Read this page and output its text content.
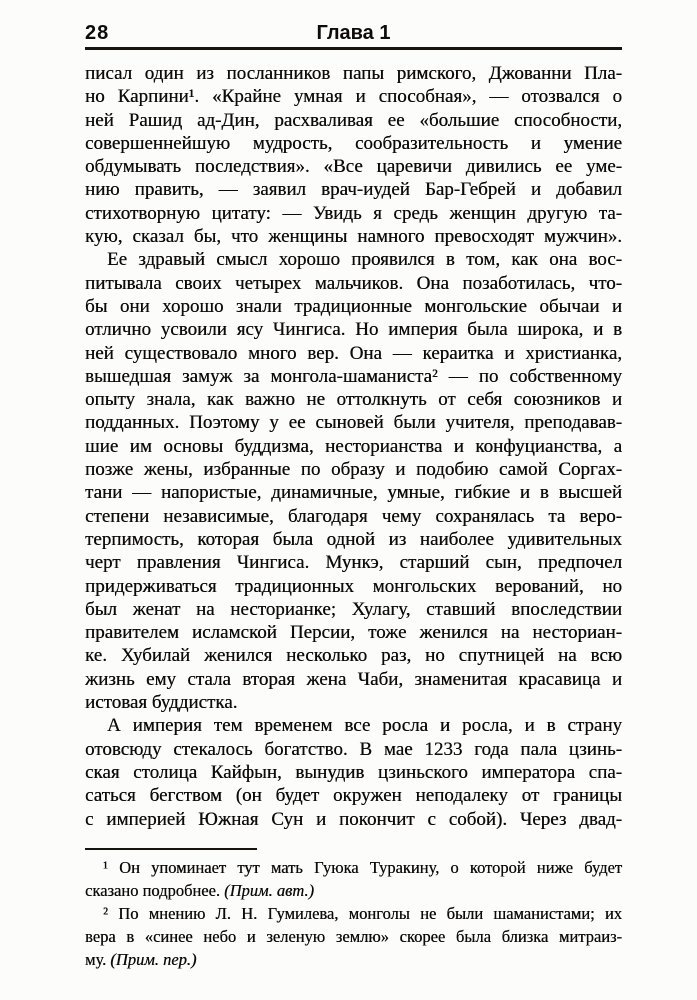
28	Глава 1
писал один из посланников папы римского, Джованни Пла-
но Карпини¹. «Крайне умная и способная», — отозвался о
ней Рашид ад-Дин, расхваливая ее «большие способности,
совершеннейшую мудрость, сообразительность и умение
обдумывать последствия». «Все царевичи дивились ее уме-
нию править, — заявил врач-иудей Бар-Гебрей и добавил
стихотворную цитату: — Увидь я средь женщин другую та-
кую, сказал бы, что женщины намного превосходят мужчин».
Ее здравый смысл хорошо проявился в том, как она вос-
питывала своих четырех мальчиков. Она позаботилась, что-
бы они хорошо знали традиционные монгольские обычаи и
отлично усвоили ясу Чингиса. Но империя была широка, и в
ней существовало много вер. Она — кераитка и христианка,
вышедшая замуж за монгола-шаманиста² — по собственному
опыту знала, как важно не оттолкнуть от себя союзников и
подданных. Поэтому у ее сыновей были учителя, преподавав-
шие им основы буддизма, несторианства и конфуцианства, а
позже жены, избранные по образу и подобию самой Соргах-
тани — напористые, динамичные, умные, гибкие и в высшей
степени независимые, благодаря чему сохранялась та веро-
терпимость, которая была одной из наиболее удивительных
черт правления Чингиса. Мункэ, старший сын, предпочел
придерживаться традиционных монгольских верований, но
был женат на несторианке; Хулагу, ставший впоследствии
правителем исламской Персии, тоже женился на несториан-
ке. Хубилай женился несколько раз, но спутницей на всю
жизнь ему стала вторая жена Чаби, знаменитая красавица и
истовая буддистка.
А империя тем временем все росла и росла, и в страну
отовсюду стекалось богатство. В мае 1233 года пала цзинь-
ская столица Кайфын, вынудив цзиньского императора спа-
саться бегством (он будет окружен неподалеку от границы
с империей Южная Сун и покончит с собой). Через двад-
¹ Он упоминает тут мать Гуюка Туракину, о которой ниже будет
сказано подробнее. (Прим. авт.)
² По мнению Л. Н. Гумилева, монголы не были шаманистами; их
вера в «синее небо и зеленую землю» скорее была близка митраиз-
му. (Прим. пер.)
